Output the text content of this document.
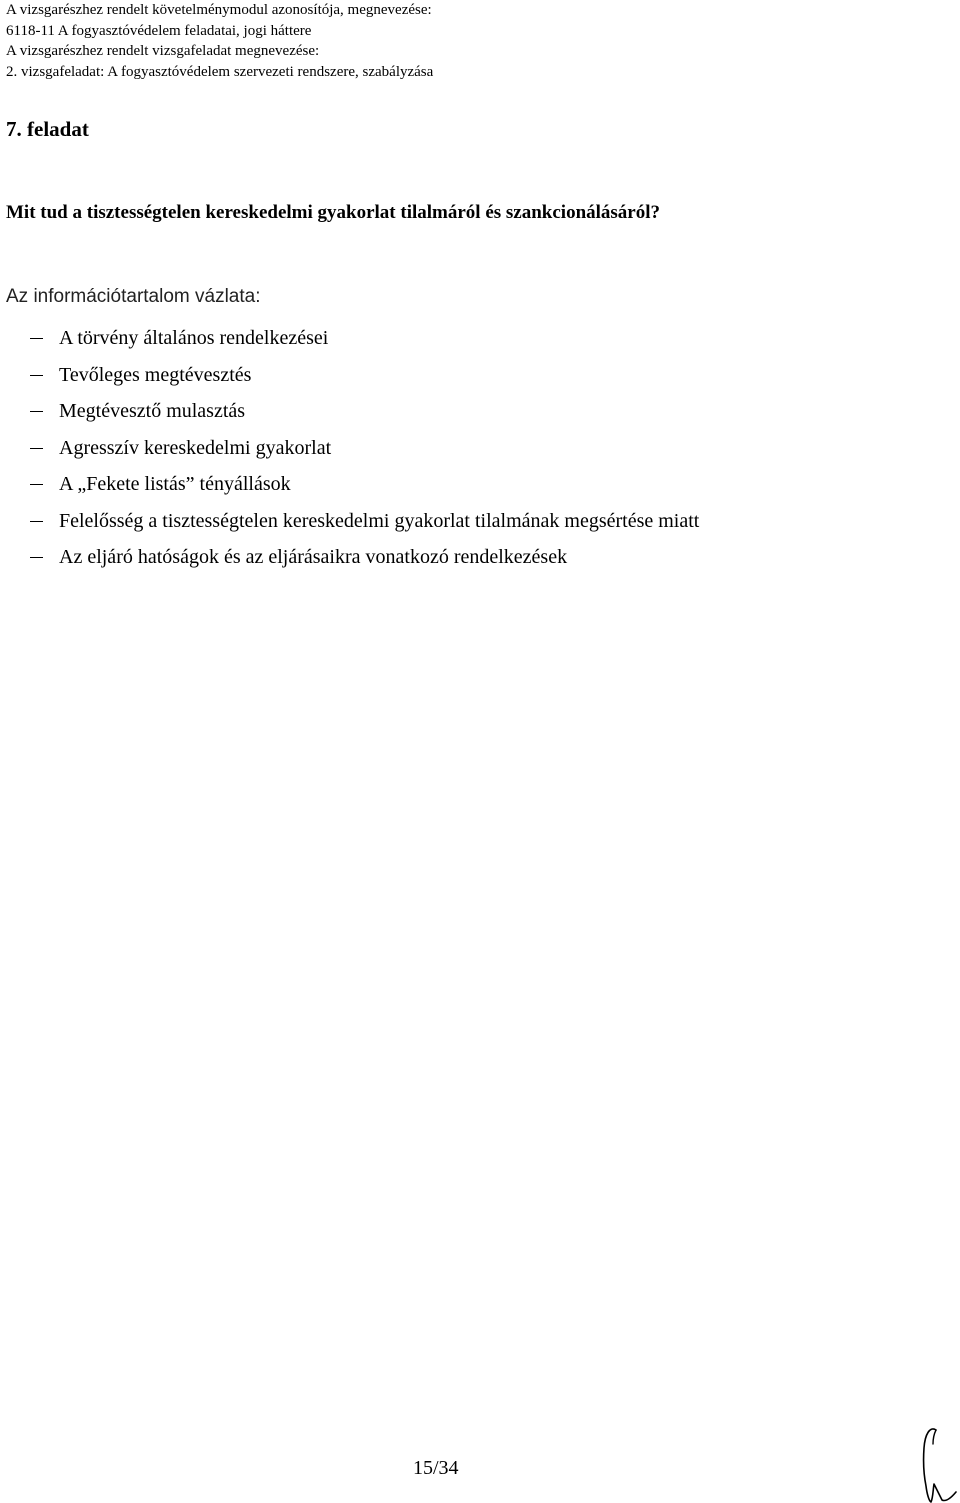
A vizsgarészhez rendelt követelménymodul azonosítója, megnevezése:
6118-11 A fogyasztóvédelem feladatai, jogi háttere
A vizsgarészhez rendelt vizsgafeladat megnevezése:
2. vizsgafeladat: A fogyasztóvédelem szervezeti rendszere, szabályzása
7. feladat
Mit tud a tisztességtelen kereskedelmi gyakorlat tilalmáról és szankcionálásáról?
Az információtartalom vázlata:
A törvény általános rendelkezései
Tevőleges megtévesztés
Megtévesztő mulasztás
Agresszív kereskedelmi gyakorlat
A „Fekete listás” tényállások
Felelősség a tisztességtelen kereskedelmi gyakorlat tilalmának megsértése miatt
Az eljáró hatóságok és az eljárásaikra vonatkozó rendelkezések
15/34
